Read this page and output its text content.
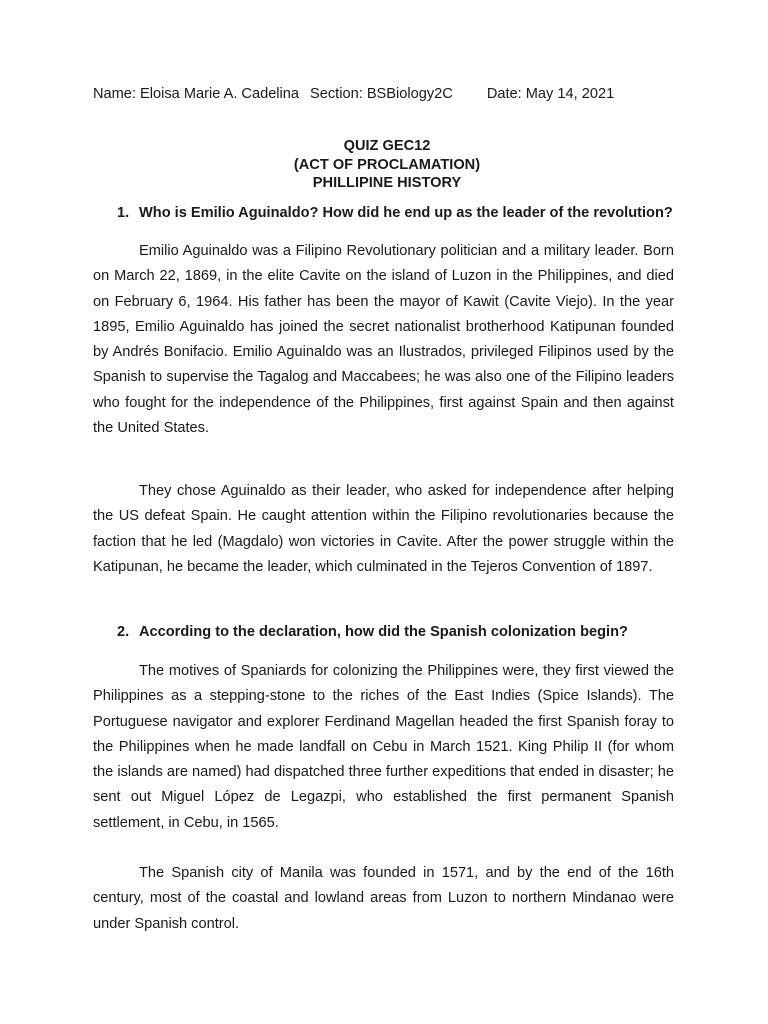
Name: Eloisa Marie A. Cadelina Section: BSBiology2C Date: May 14, 2021
QUIZ GEC12
(ACT OF PROCLAMATION)
PHILLIPINE HISTORY
1. Who is Emilio Aguinaldo? How did he end up as the leader of the revolution?

Emilio Aguinaldo was a Filipino Revolutionary politician and a military leader. Born on March 22, 1869, in the elite Cavite on the island of Luzon in the Philippines, and died on February 6, 1964. His father has been the mayor of Kawit (Cavite Viejo). In the year 1895, Emilio Aguinaldo has joined the secret nationalist brotherhood Katipunan founded by Andrés Bonifacio. Emilio Aguinaldo was an Ilustrados, privileged Filipinos used by the Spanish to supervise the Tagalog and Maccabees; he was also one of the Filipino leaders who fought for the independence of the Philippines, first against Spain and then against the United States.

They chose Aguinaldo as their leader, who asked for independence after helping the US defeat Spain. He caught attention within the Filipino revolutionaries because the faction that he led (Magdalo) won victories in Cavite. After the power struggle within the Katipunan, he became the leader, which culminated in the Tejeros Convention of 1897.

2. According to the declaration, how did the Spanish colonization begin?

The motives of Spaniards for colonizing the Philippines were, they first viewed the Philippines as a stepping-stone to the riches of the East Indies (Spice Islands). The Portuguese navigator and explorer Ferdinand Magellan headed the first Spanish foray to the Philippines when he made landfall on Cebu in March 1521. King Philip II (for whom the islands are named) had dispatched three further expeditions that ended in disaster; he sent out Miguel López de Legazpi, who established the first permanent Spanish settlement, in Cebu, in 1565.

The Spanish city of Manila was founded in 1571, and by the end of the 16th century, most of the coastal and lowland areas from Luzon to northern Mindanao were under Spanish control.
